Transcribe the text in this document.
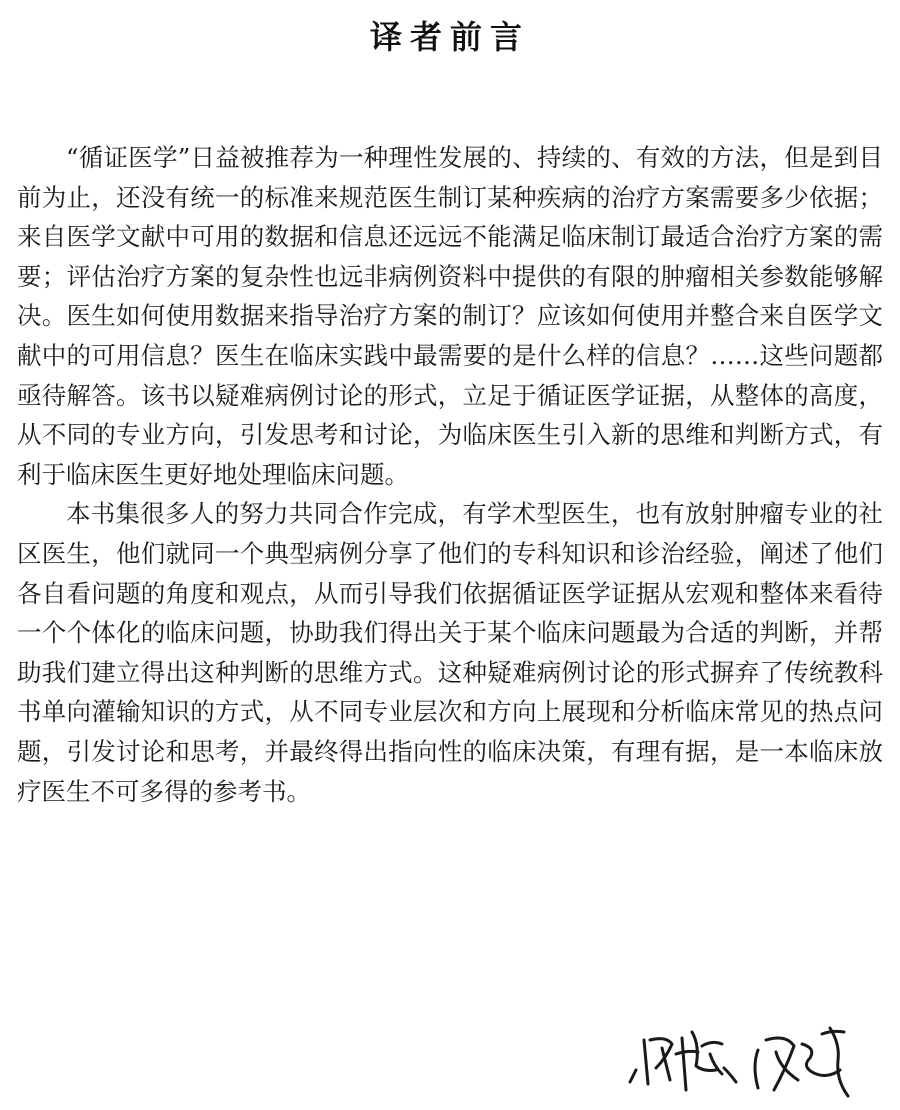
译者前言

“循证医学”日益被推荐为一种理性发展的、持续的、有效的方法，但是到目前为止，还没有统一的标准来规范医生制订某种疾病的治疗方案需要多少依据；来自医学文献中可用的数据和信息还远远不能满足临床制订最适合治疗方案的需要；评估治疗方案的复杂性也远非病例资料中提供的有限的肿瘤相关参数能够解决。医生如何使用数据来指导治疗方案的制订？应该如何使用并整合来自医学文献中的可用信息？医生在临床实践中最需要的是什么样的信息？……这些问题都亟待解答。该书以疑难病例讨论的形式，立足于循证医学证据，从整体的高度，从不同的专业方向，引发思考和讨论，为临床医生引入新的思维和判断方式，有利于临床医生更好地处理临床问题。

本书集很多人的努力共同合作完成，有学术型医生，也有放射肿瘤专业的社区医生，他们就同一个典型病例分享了他们的专科知识和诊治经验，阐述了他们各自看问题的角度和观点，从而引导我们依据循证医学证据从宏观和整体来看待一个个体化的临床问题，协助我们得出关于某个临床问题最为合适的判断，并帮助我们建立得出这种判断的思维方式。这种疑难病例讨论的形式摒弃了传统教科书单向灌输知识的方式，从不同专业层次和方向上展现和分析临床常见的热点问题，引发讨论和思考，并最终得出指向性的临床决策，有理有据，是一本临床放疗医生不可多得的参考书。
